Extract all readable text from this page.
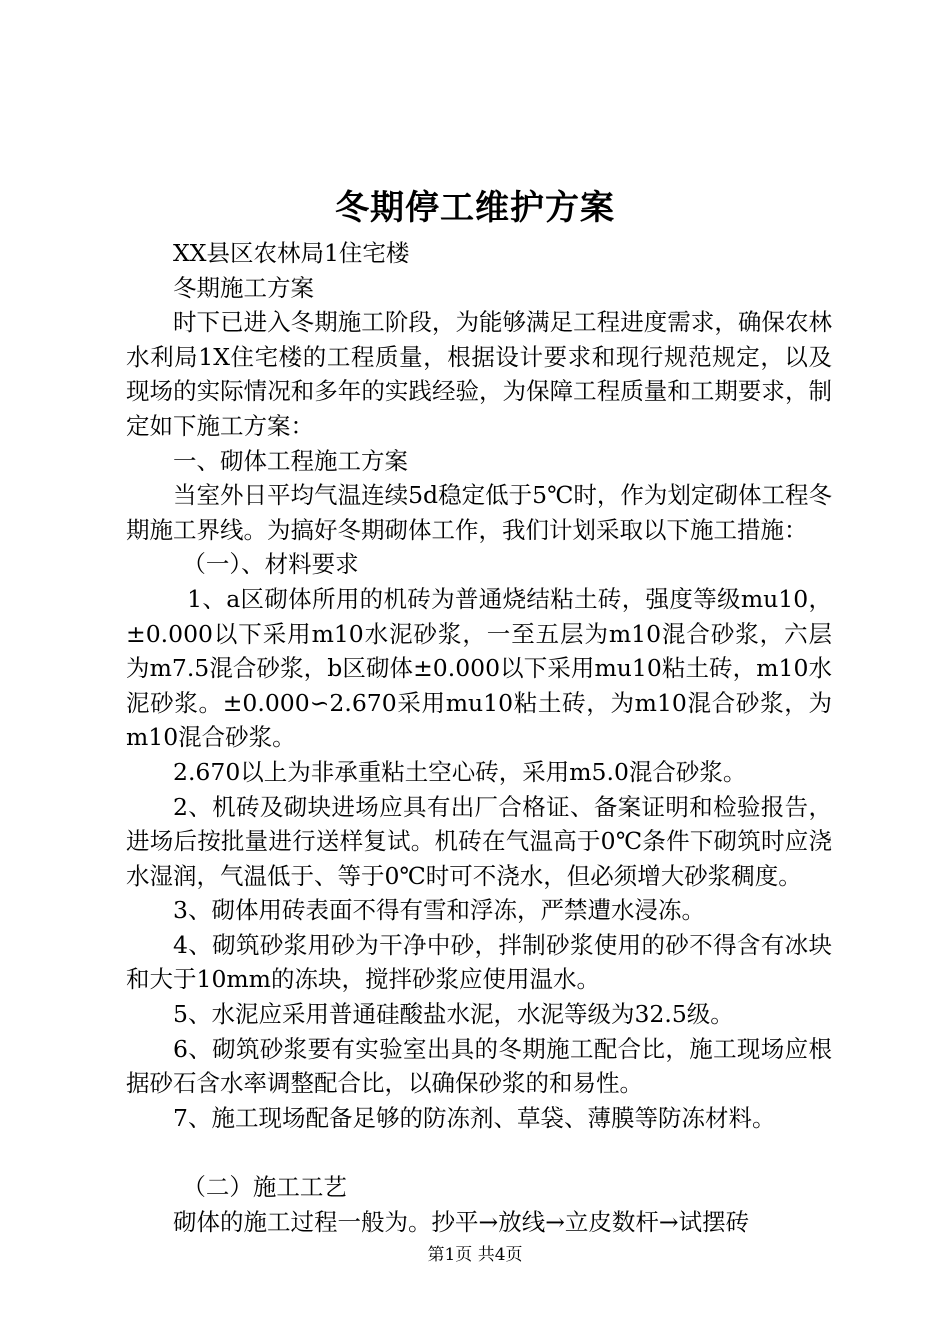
冬期停工维护方案

XX县区农林局1住宅楼

冬期施工方案

时下已进入冬期施工阶段，为能够满足工程进度需求，确保农林水利局1X住宅楼的工程质量，根据设计要求和现行规范规定，以及现场的实际情况和多年的实践经验，为保障工程质量和工期要求，制定如下施工方案：

一、砌体工程施工方案

当室外日平均气温连续5d稳定低于5℃时，作为划定砌体工程冬期施工界线。为搞好冬期砌体工作，我们计划采取以下施工措施：

（一）、材料要求

1、a区砌体所用的机砖为普通烧结粘土砖，强度等级mu10，±0.000以下采用m10水泥砂浆，一至五层为m10混合砂浆，六层为m7.5混合砂浆，b区砌体±0.000以下采用mu10粘土砖，m10水泥砂浆。±0.000∽2.670采用mu10粘土砖，为m10混合砂浆，为m10混合砂浆。

2.670以上为非承重粘土空心砖，采用m5.0混合砂浆。

2、机砖及砌块进场应具有出厂合格证、备案证明和检验报告，进场后按批量进行送样复试。机砖在气温高于0℃条件下砌筑时应浇水湿润，气温低于、等于0℃时可不浇水，但必须增大砂浆稠度。

3、砌体用砖表面不得有雪和浮冻，严禁遭水浸冻。

4、砌筑砂浆用砂为干净中砂，拌制砂浆使用的砂不得含有冰块和大于10mm的冻块，搅拌砂浆应使用温水。

5、水泥应采用普通硅酸盐水泥，水泥等级为32.5级。

6、砌筑砂浆要有实验室出具的冬期施工配合比，施工现场应根据砂石含水率调整配合比，以确保砂浆的和易性。

7、施工现场配备足够的防冻剂、草袋、薄膜等防冻材料。

（二）施工工艺

砌体的施工过程一般为。抄平→放线→立皮数杆→试摆砖

第1页 共4页
